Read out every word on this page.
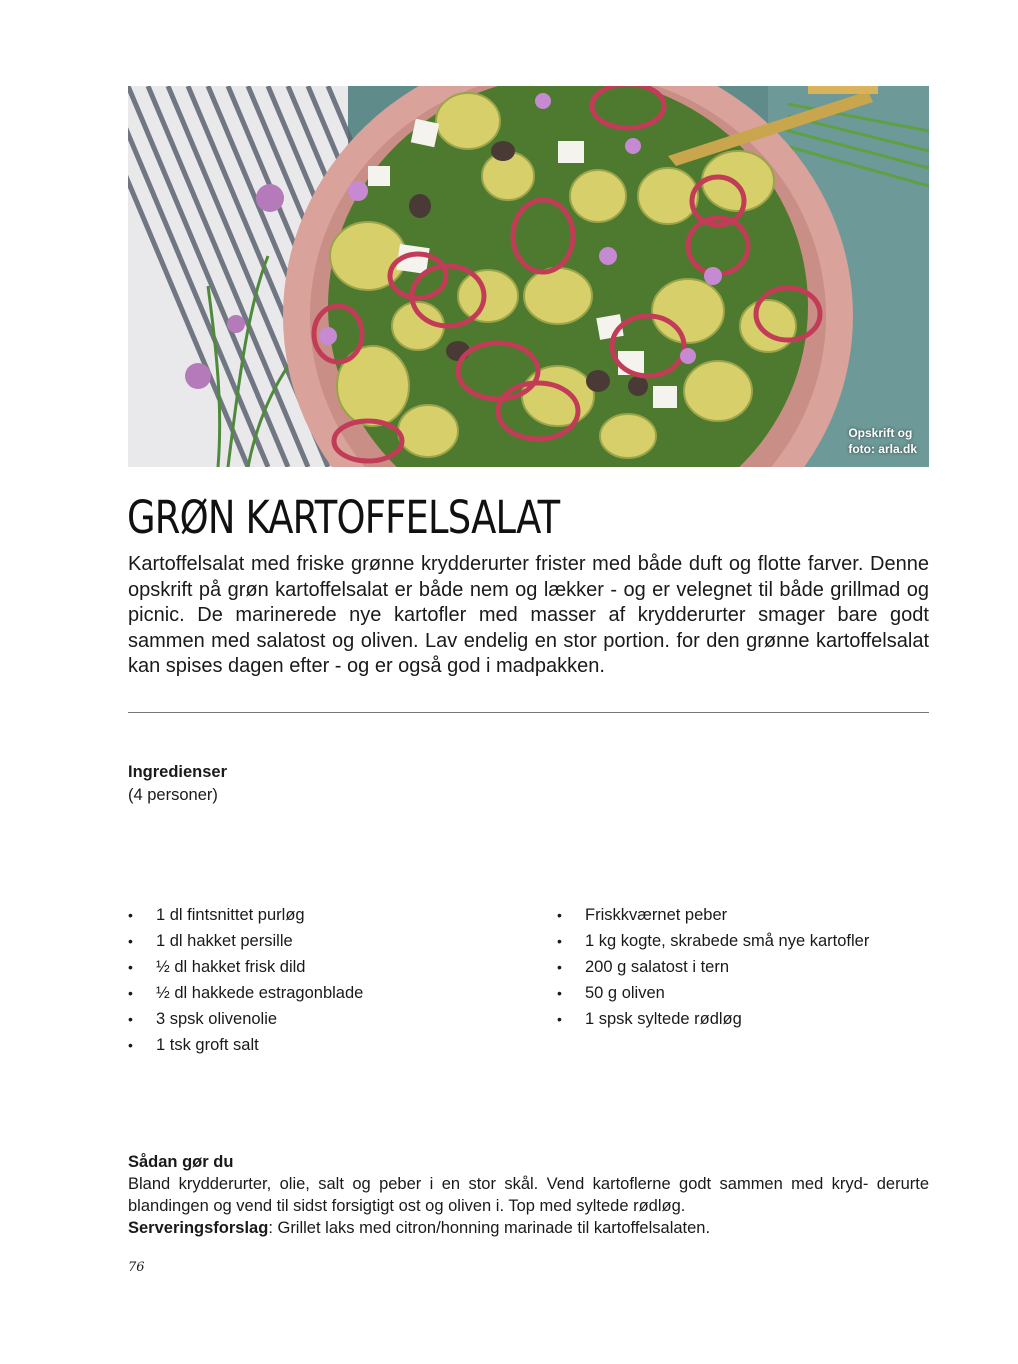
Opskrift og
foto: arla.dk
GRØN KARTOFFELSALAT

Kartoffelsalat med friske grønne krydderurter frister med både duft og flotte farver. Denne opskrift på grøn kartoffelsalat er både nem og lækker - og er velegnet til både grillmad og picnic. De marinerede nye kartofler med masser af krydderurter smager bare godt sammen med salatost og oliven. Lav endelig en stor portion. for den grønne kartoffelsalat kan spises dagen efter - og er også god i madpakken.

Ingredienser
(4 personer)
• 1 dl fintsnittet purløg
• 1 dl hakket persille
• ½ dl hakket frisk dild
• ½ dl hakkede estragonblade
• 3 spsk olivenolie
• 1 tsk groft salt
• Friskkværnet peber
• 1 kg kogte, skrabede små nye kartofler
• 200 g salatost i tern
• 50 g oliven
• 1 spsk syltede rødløg
Sådan gør du

Bland krydderurter, olie, salt og peber i en stor skål. Vend kartoflerne godt sammen med kryd- derurte blandingen og vend til sidst forsigtigt ost og oliven i. Top med syltede rødløg.

Serveringsforslag: Grillet laks med citron/honning marinade til kartoffelsalaten.

76
